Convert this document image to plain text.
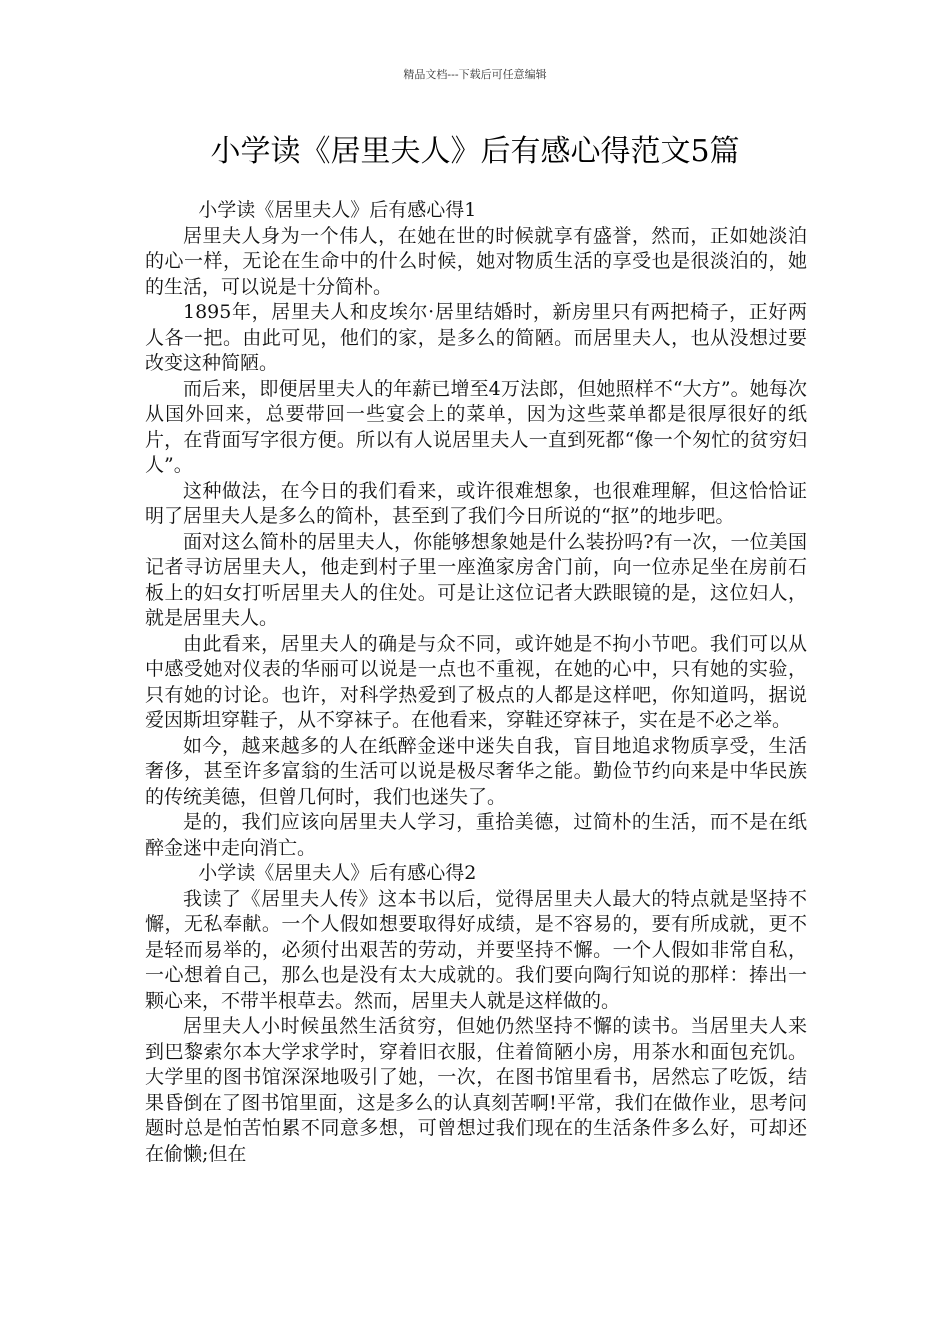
精品文档---下载后可任意编辑
小学读《居里夫人》后有感心得范文5篇

小学读《居里夫人》后有感心得1

居里夫人身为一个伟人，在她在世的时候就享有盛誉，然而，正如她淡泊的心一样，无论在生命中的什么时候，她对物质生活的享受也是很淡泊的，她的生活，可以说是十分简朴。

1895年，居里夫人和皮埃尔·居里结婚时，新房里只有两把椅子，正好两人各一把。由此可见，他们的家，是多么的简陋。而居里夫人，也从没想过要改变这种简陋。

而后来，即便居里夫人的年薪已增至4万法郎，但她照样不“大方”。她每次从国外回来，总要带回一些宴会上的菜单，因为这些菜单都是很厚很好的纸片，在背面写字很方便。所以有人说居里夫人一直到死都“像一个匆忙的贫穷妇人”。

这种做法，在今日的我们看来，或许很难想象，也很难理解，但这恰恰证明了居里夫人是多么的简朴，甚至到了我们今日所说的“抠”的地步吧。

面对这么简朴的居里夫人，你能够想象她是什么装扮吗?有一次，一位美国记者寻访居里夫人，他走到村子里一座渔家房舍门前，向一位赤足坐在房前石板上的妇女打听居里夫人的住处。可是让这位记者大跌眼镜的是，这位妇人，就是居里夫人。

由此看来，居里夫人的确是与众不同，或许她是不拘小节吧。我们可以从中感受她对仪表的华丽可以说是一点也不重视，在她的心中，只有她的实验，只有她的讨论。也许，对科学热爱到了极点的人都是这样吧，你知道吗，据说爱因斯坦穿鞋子，从不穿袜子。在他看来，穿鞋还穿袜子，实在是不必之举。

如今，越来越多的人在纸醉金迷中迷失自我，盲目地追求物质享受，生活奢侈，甚至许多富翁的生活可以说是极尽奢华之能。勤俭节约向来是中华民族的传统美德，但曾几何时，我们也迷失了。

是的，我们应该向居里夫人学习，重拾美德，过简朴的生活，而不是在纸醉金迷中走向消亡。

小学读《居里夫人》后有感心得2

我读了《居里夫人传》这本书以后，觉得居里夫人最大的特点就是坚持不懈，无私奉献。一个人假如想要取得好成绩，是不容易的，要有所成就，更不是轻而易举的，必须付出艰苦的劳动，并要坚持不懈。一个人假如非常自私，一心想着自己，那么也是没有太大成就的。我们要向陶行知说的那样：捧出一颗心来，不带半根草去。然而，居里夫人就是这样做的。

居里夫人小时候虽然生活贫穷，但她仍然坚持不懈的读书。当居里夫人来到巴黎索尔本大学求学时，穿着旧衣服，住着简陋小房，用茶水和面包充饥。大学里的图书馆深深地吸引了她，一次，在图书馆里看书，居然忘了吃饭，结果昏倒在了图书馆里面，这是多么的认真刻苦啊!平常，我们在做作业，思考问题时总是怕苦怕累不同意多想，可曾想过我们现在的生活条件多么好，可却还在偷懒;但在
